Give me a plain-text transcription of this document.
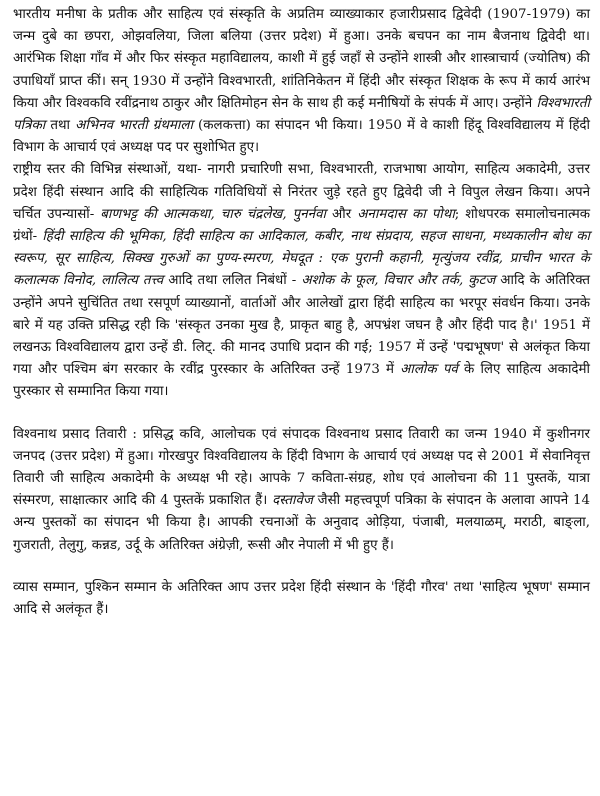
भारतीय मनीषा के प्रतीक और साहित्य एवं संस्कृति के अप्रतिम व्याख्याकार हजारीप्रसाद द्विवेदी (1907-1979) का जन्म दुबे का छपरा, ओझवलिया, जिला बलिया (उत्तर प्रदेश) में हुआ। उनके बचपन का नाम बैजनाथ द्विवेदी था। आरंभिक शिक्षा गाँव में और फिर संस्कृत महाविद्यालय, काशी में हुई जहाँ से उन्होंने शास्त्री और शास्त्राचार्य (ज्योतिष) की उपाधियाँ प्राप्त कीं। सन् 1930 में उन्होंने विश्वभारती, शांतिनिकेतन में हिंदी और संस्कृत शिक्षक के रूप में कार्य आरंभ किया और विश्वकवि रवींद्रनाथ ठाकुर और क्षितिमोहन सेन के साथ ही कई मनीषियों के संपर्क में आए। उन्होंने विश्वभारती पत्रिका तथा अभिनव भारती ग्रंथमाला (कलकत्ता) का संपादन भी किया। 1950 में वे काशी हिंदू विश्वविद्यालय में हिंदी विभाग के आचार्य एवं अध्यक्ष पद पर सुशोभित हुए।

राष्ट्रीय स्तर की विभिन्न संस्थाओं, यथा- नागरी प्रचारिणी सभा, विश्वभारती, राजभाषा आयोग, साहित्य अकादेमी, उत्तर प्रदेश हिंदी संस्थान आदि की साहित्यिक गतिविधियों से निरंतर जुड़े रहते हुए द्विवेदी जी ने विपुल लेखन किया। अपने चर्चित उपन्यासों- बाणभट्ट की आत्मकथा, चारु चंद्रलेख, पुनर्नवा और अनामदास का पोथा; शोधपरक समालोचनात्मक ग्रंथों- हिंदी साहित्य की भूमिका, हिंदी साहित्य का आदिकाल, कबीर, नाथ संप्रदाय, सहज साधना, मध्यकालीन बोध का स्वरूप, सूर साहित्य, सिक्ख गुरुओं का पुण्य-स्मरण, मेघदूत : एक पुरानी कहानी, मृत्युंजय रवींद्र, प्राचीन भारत के कलात्मक विनोद, लालित्य तत्त्व आदि तथा ललित निबंधों - अशोक के फूल, विचार और तर्क, कुटज आदि के अतिरिक्त उन्होंने अपने सुचिंतित तथा रसपूर्ण व्याख्यानों, वार्ताओं और आलेखों द्वारा हिंदी साहित्य का भरपूर संवर्धन किया। उनके बारे में यह उक्ति प्रसिद्ध रही कि 'संस्कृत उनका मुख है, प्राकृत बाहु है, अपभ्रंश जघन है और हिंदी पाद है।' 1951 में लखनऊ विश्वविद्यालय द्वारा उन्हें डी. लिट्. की मानद उपाधि प्रदान की गई; 1957 में उन्हें 'पद्मभूषण' से अलंकृत किया गया और पश्चिम बंग सरकार के रवींद्र पुरस्कार के अतिरिक्त उन्हें 1973 में आलोक पर्व के लिए साहित्य अकादेमी पुरस्कार से सम्मानित किया गया।

विश्वनाथ प्रसाद तिवारी : प्रसिद्ध कवि, आलोचक एवं संपादक विश्वनाथ प्रसाद तिवारी का जन्म 1940 में कुशीनगर जनपद (उत्तर प्रदेश) में हुआ। गोरखपुर विश्वविद्यालय के हिंदी विभाग के आचार्य एवं अध्यक्ष पद से 2001 में सेवानिवृत्त तिवारी जी साहित्य अकादेमी के अध्यक्ष भी रहे। आपके 7 कविता-संग्रह, शोध एवं आलोचना की 11 पुस्तकें, यात्रा संस्मरण, साक्षात्कार आदि की 4 पुस्तकें प्रकाशित हैं। दस्तावेज जैसी महत्त्वपूर्ण पत्रिका के संपादन के अलावा आपने 14 अन्य पुस्तकों का संपादन भी किया है। आपकी रचनाओं के अनुवाद ओड़िया, पंजाबी, मलयाळम्, मराठी, बाङ्ला, गुजराती, तेलुगु, कन्नड, उर्दू के अतिरिक्त अंग्रेज़ी, रूसी और नेपाली में भी हुए हैं।

व्यास सम्मान, पुश्किन सम्मान के अतिरिक्त आप उत्तर प्रदेश हिंदी संस्थान के 'हिंदी गौरव' तथा 'साहित्य भूषण' सम्मान आदि से अलंकृत हैं।
